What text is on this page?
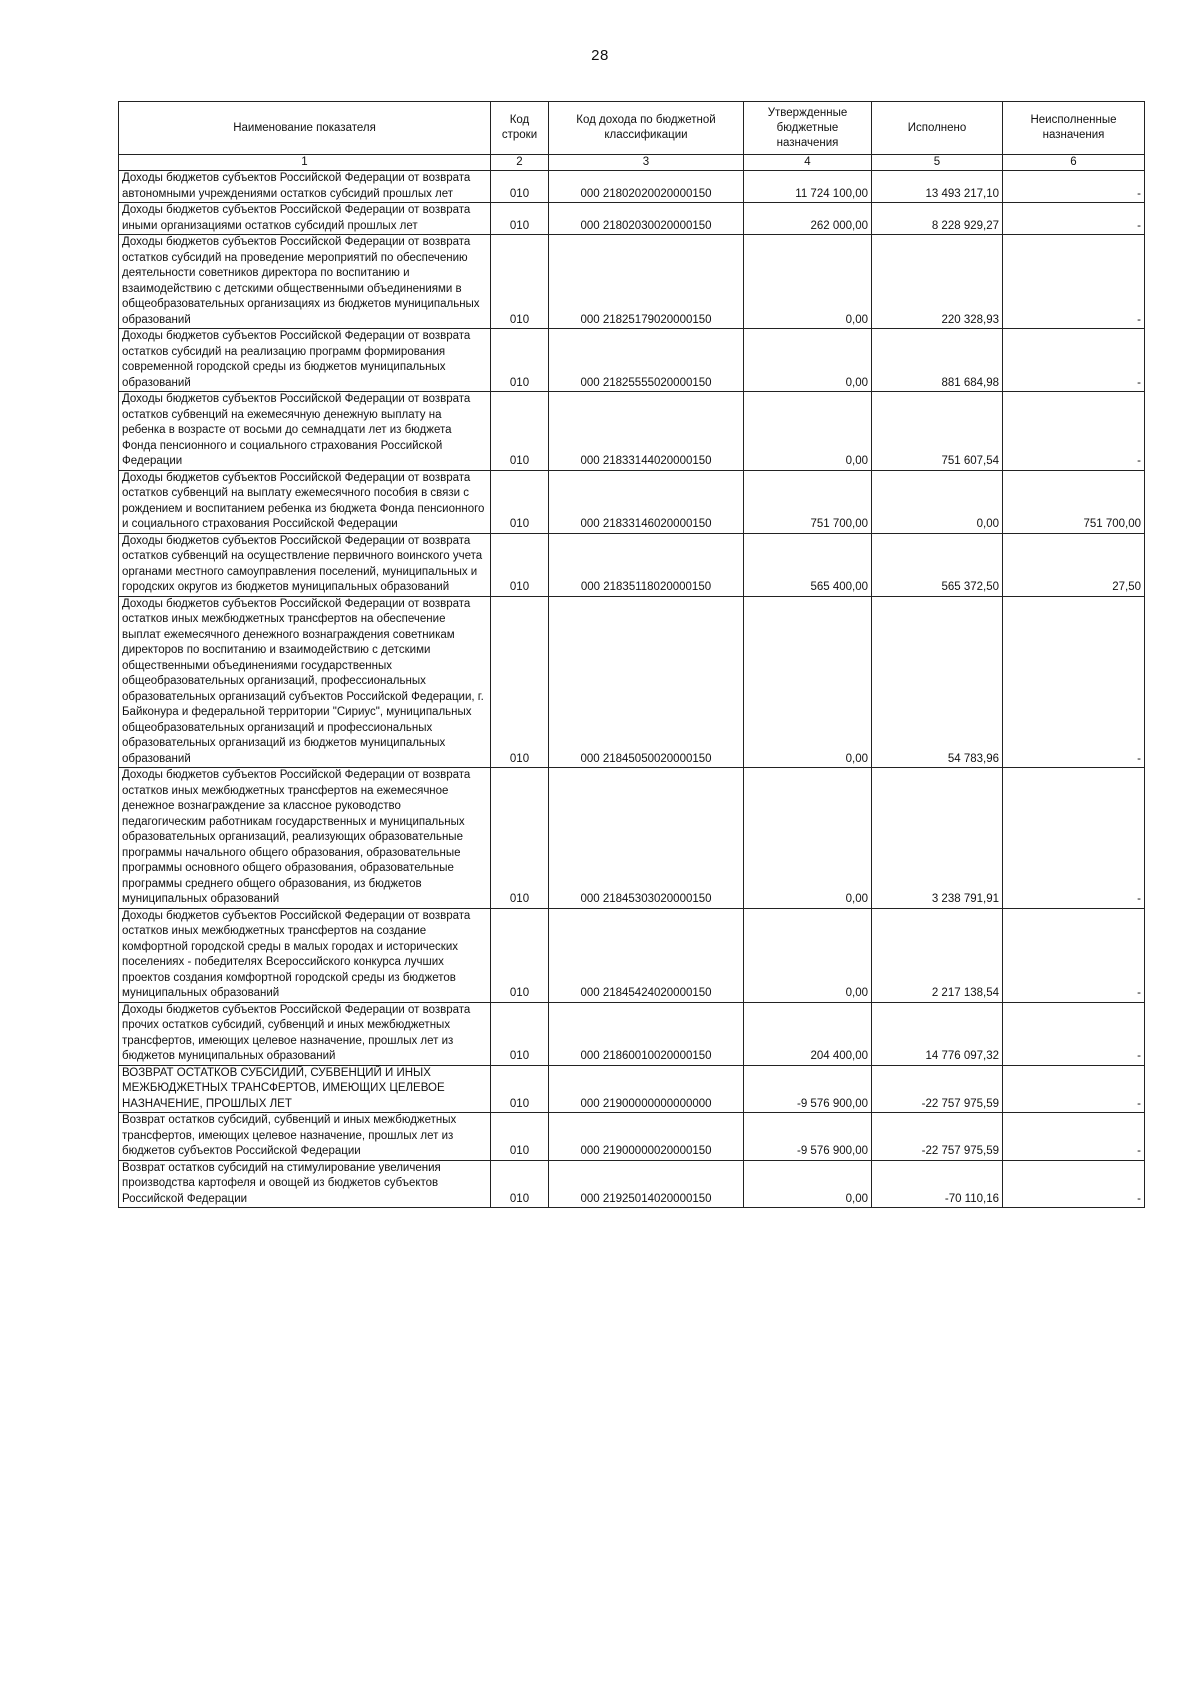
28
Наименование показателя	Код строки	Код дохода по бюджетной классификации	Утвержденные бюджетные назначения	Исполнено	Неисполненные назначения
1	2	3	4	5	6
Доходы бюджетов субъектов Российской Федерации от возврата автономными учреждениями остатков субсидий прошлых лет	010	000 21802020020000150	11 724 100,00	13 493 217,10	-
Доходы бюджетов субъектов Российской Федерации от возврата иными организациями остатков субсидий прошлых лет	010	000 21802030020000150	262 000,00	8 228 929,27	-
Доходы бюджетов субъектов Российской Федерации от возврата остатков субсидий на проведение мероприятий по обеспечению деятельности советников директора по воспитанию и взаимодействию с детскими общественными объединениями в общеобразовательных организациях из бюджетов муниципальных образований	010	000 21825179020000150	0,00	220 328,93	-
Доходы бюджетов субъектов Российской Федерации от возврата остатков субсидий на реализацию программ формирования современной городской среды из бюджетов муниципальных образований	010	000 21825555020000150	0,00	881 684,98	-
Доходы бюджетов субъектов Российской Федерации от возврата остатков субвенций на ежемесячную денежную выплату на ребенка в возрасте от восьми до семнадцати лет из бюджета Фонда пенсионного и социального страхования Российской Федерации	010	000 21833144020000150	0,00	751 607,54	-
Доходы бюджетов субъектов Российской Федерации от возврата остатков субвенций на выплату ежемесячного пособия в связи с рождением и воспитанием ребенка из бюджета Фонда пенсионного и социального страхования Российской Федерации	010	000 21833146020000150	751 700,00	0,00	751 700,00
Доходы бюджетов субъектов Российской Федерации от возврата остатков субвенций на осуществление первичного воинского учета органами местного самоуправления поселений, муниципальных и городских округов из бюджетов муниципальных образований	010	000 21835118020000150	565 400,00	565 372,50	27,50
Доходы бюджетов субъектов Российской Федерации от возврата остатков иных межбюджетных трансфертов на обеспечение выплат ежемесячного денежного вознаграждения советникам директоров по воспитанию и взаимодействию с детскими общественными объединениями государственных общеобразовательных организаций, профессиональных образовательных организаций субъектов Российской Федерации, г. Байконура и федеральной территории "Сириус", муниципальных общеобразовательных организаций и профессиональных образовательных организаций из бюджетов муниципальных образований	010	000 21845050020000150	0,00	54 783,96	-
Доходы бюджетов субъектов Российской Федерации от возврата остатков иных межбюджетных трансфертов на ежемесячное денежное вознаграждение за классное руководство педагогическим работникам государственных и муниципальных образовательных организаций, реализующих образовательные программы начального общего образования, образовательные программы основного общего образования, образовательные программы среднего общего образования, из бюджетов муниципальных образований	010	000 21845303020000150	0,00	3 238 791,91	-
Доходы бюджетов субъектов Российской Федерации от возврата остатков иных межбюджетных трансфертов на создание комфортной городской среды в малых городах и исторических поселениях - победителях Всероссийского конкурса лучших проектов создания комфортной городской среды из бюджетов муниципальных образований	010	000 21845424020000150	0,00	2 217 138,54	-
Доходы бюджетов субъектов Российской Федерации от возврата прочих остатков субсидий, субвенций и иных межбюджетных трансфертов, имеющих целевое назначение, прошлых лет из бюджетов муниципальных образований	010	000 21860010020000150	204 400,00	14 776 097,32	-
ВОЗВРАТ ОСТАТКОВ СУБСИДИЙ, СУБВЕНЦИЙ И ИНЫХ МЕЖБЮДЖЕТНЫХ ТРАНСФЕРТОВ, ИМЕЮЩИХ ЦЕЛЕВОЕ НАЗНАЧЕНИЕ, ПРОШЛЫХ ЛЕТ	010	000 21900000000000000	-9 576 900,00	-22 757 975,59	-
Возврат остатков субсидий, субвенций и иных межбюджетных трансфертов, имеющих целевое назначение, прошлых лет из бюджетов субъектов Российской Федерации	010	000 21900000020000150	-9 576 900,00	-22 757 975,59	-
Возврат остатков субсидий на стимулирование увеличения производства картофеля и овощей из бюджетов субъектов Российской Федерации	010	000 21925014020000150	0,00	-70 110,16	-
